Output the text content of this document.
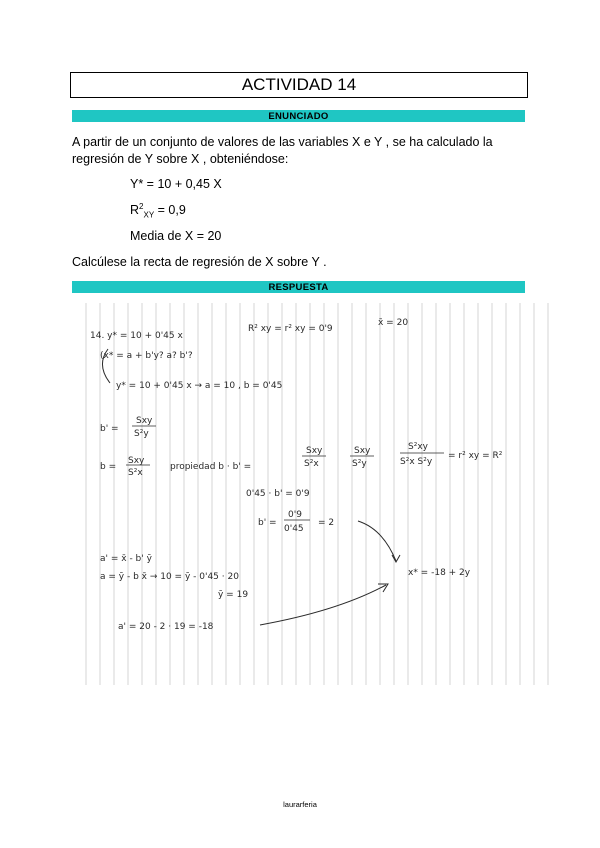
ACTIVIDAD 14
ENUNCIADO
A partir de un conjunto de valores de las variables X e Y , se ha calculado la regresión de Y sobre X , obteniéndose:
Y* = 10 + 0,45 X
$R^2_{XY} = 0,9$
Media de X = 20
Calcúlese la recta de regresión de X sobre Y .
RESPUESTA
14. y* = 10 + 0'45 x
R² xy = r² xy = 0'9
x̄ = 20
(x* = a + b'y? a? b'?
y* = 10 + 0'45 x → a = 10 , b = 0'45
b' =
Sxy
S²y
b =
Sxy
S²x
propiedad b · b' =
Sxy
S²x
Sxy
S²y
S²xy
S²x S²y
= r² xy = R²
0'45 · b' = 0'9
b' =
0'9
0'45
= 2
x* = -18 + 2y
a' = x̄ - b' ȳ
a = ȳ - b x̄ → 10 = ȳ - 0'45 · 20
ȳ = 19
a' = 20 - 2 · 19 = -18
laurarferia
